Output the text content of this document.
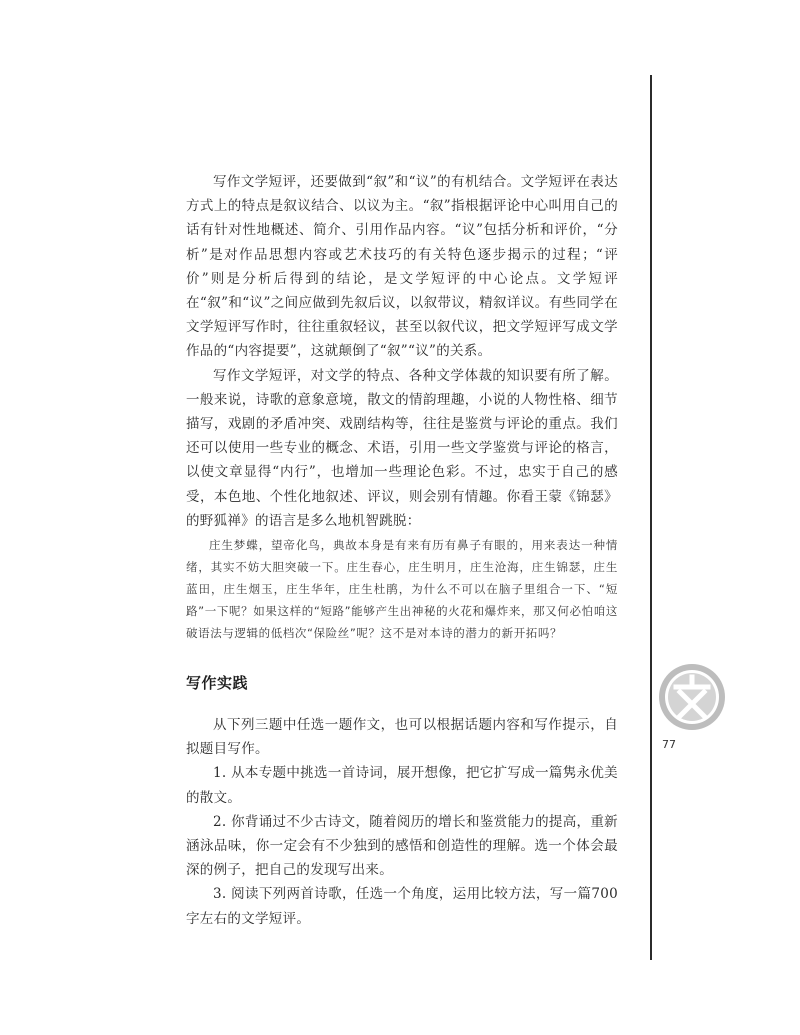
写作文学短评，还要做到“叙”和“议”的有机结合。文学短评在表达方式上的特点是叙议结合、以议为主。“叙”指根据评论中心叫用自己的话有针对性地概述、简介、引用作品内容。“议”包括分析和评价，“分析”是对作品思想内容或艺术技巧的有关特色逐步揭示的过程；“评价”则是分析后得到的结论，是文学短评的中心论点。文学短评在“叙”和“议”之间应做到先叙后议，以叙带议，精叙详议。有些同学在文学短评写作时，往往重叙轻议，甚至以叙代议，把文学短评写成文学作品的“内容提要”，这就颠倒了“叙”“议”的关系。

写作文学短评，对文学的特点、各种文学体裁的知识要有所了解。一般来说，诗歌的意象意境，散文的情韵理趣，小说的人物性格、细节描写，戏剧的矛盾冲突、戏剧结构等，往往是鉴赏与评论的重点。我们还可以使用一些专业的概念、术语，引用一些文学鉴赏与评论的格言，以使文章显得“内行”，也增加一些理论色彩。不过，忠实于自己的感受，本色地、个性化地叙述、评议，则会别有情趣。你看王蒙《锦瑟》的野狐禅》的语言是多么地机智跳脱：

庄生梦蝶，望帝化鸟，典故本身是有来有历有鼻子有眼的，用来表达一种情绪，其实不妨大胆突破一下。庄生春心，庄生明月，庄生沧海，庄生锦瑟，庄生蓝田，庄生烟玉，庄生华年，庄生杜鹃，为什么不可以在脑子里组合一下、“短路”一下呢？如果这样的“短路”能够产生出神秘的火花和爆炸来，那又何必怕咱这破语法与逻辑的低档次“保险丝”呢？这不是对本诗的潜力的新开拓吗？

写作实践

从下列三题中任选一题作文，也可以根据话题内容和写作提示，自拟题目写作。

1. 从本专题中挑选一首诗词，展开想像，把它扩写成一篇隽永优美的散文。

2. 你背诵过不少古诗文，随着阅历的增长和鉴赏能力的提高，重新涵泳品味，你一定会有不少独到的感悟和创造性的理解。选一个体会最深的例子，把自己的发现写出来。

3. 阅读下列两首诗歌，任选一个角度，运用比较方法，写一篇700字左右的文学短评。

77
